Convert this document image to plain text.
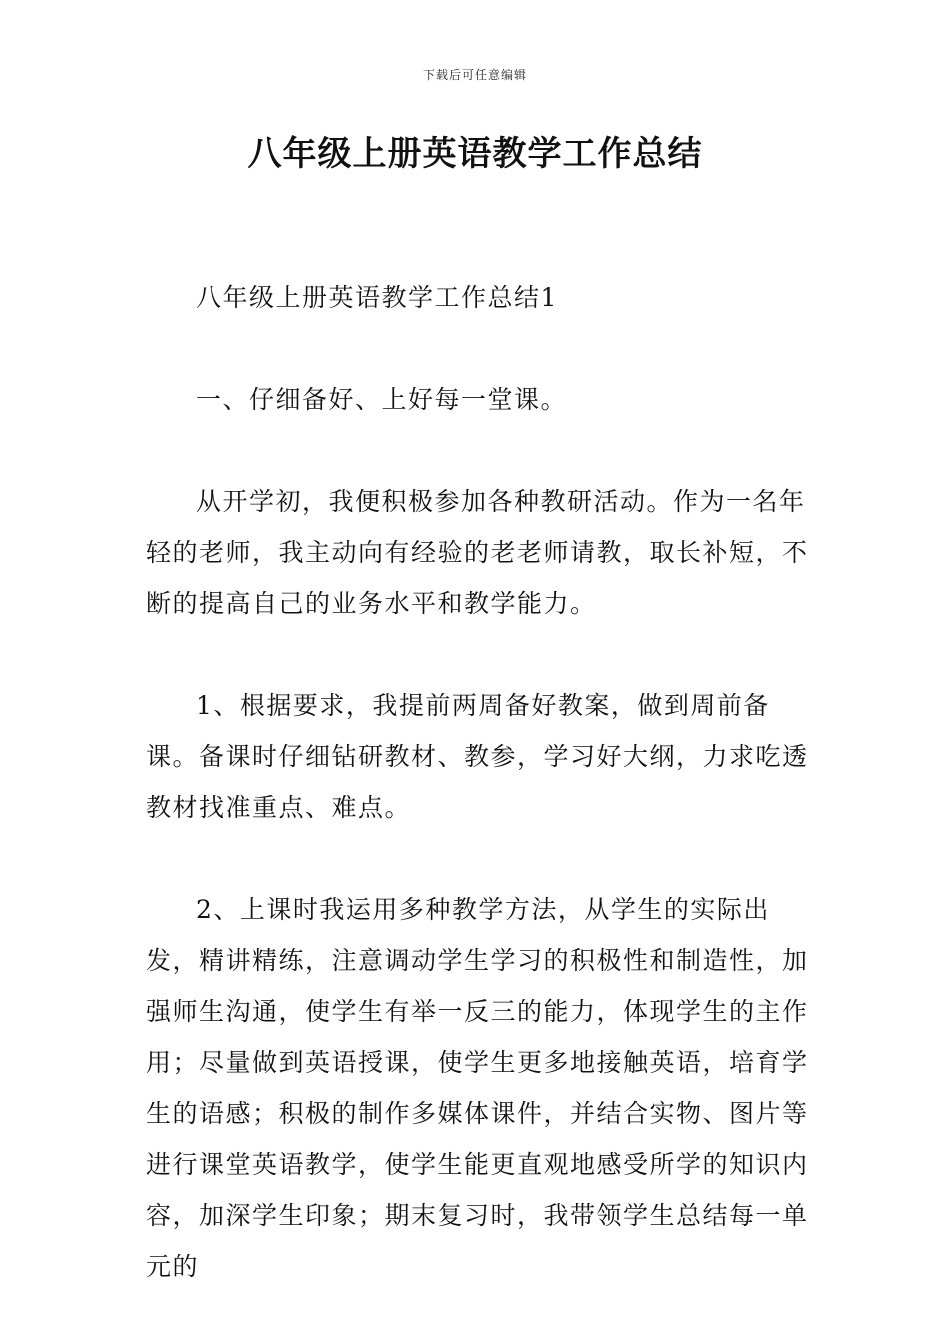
下载后可任意编辑
八年级上册英语教学工作总结

八年级上册英语教学工作总结1

一、仔细备好、上好每一堂课。

从开学初，我便积极参加各种教研活动。作为一名年轻的老师，我主动向有经验的老老师请教，取长补短，不断的提高自己的业务水平和教学能力。

1、根据要求，我提前两周备好教案，做到周前备课。备课时仔细钻研教材、教参，学习好大纲，力求吃透教材找准重点、难点。

2、上课时我运用多种教学方法，从学生的实际出发，精讲精练，注意调动学生学习的积极性和制造性，加强师生沟通，使学生有举一反三的能力，体现学生的主作用；尽量做到英语授课，使学生更多地接触英语，培育学生的语感；积极的制作多媒体课件，并结合实物、图片等进行课堂英语教学，使学生能更直观地感受所学的知识内容，加深学生印象；期末复习时，我带领学生总结每一单元的
